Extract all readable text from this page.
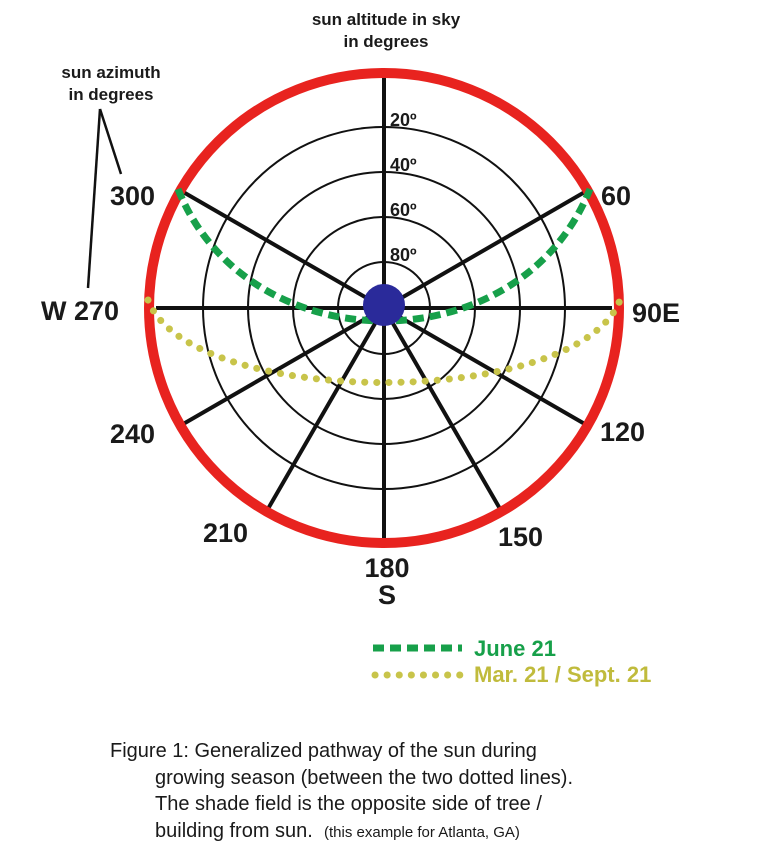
20º
40º
60º
80º
sun altitude in sky
in degrees
sun azimuth
in degrees
300	60
W 270	90E
240	120
210	150
180
S
June 21
Mar. 21 / Sept. 21
Figure 1: Generalized pathway of the sun during
growing season (between the two dotted lines).
The shade field is the opposite side of tree /
building from sun. (this example for Atlanta, GA)
